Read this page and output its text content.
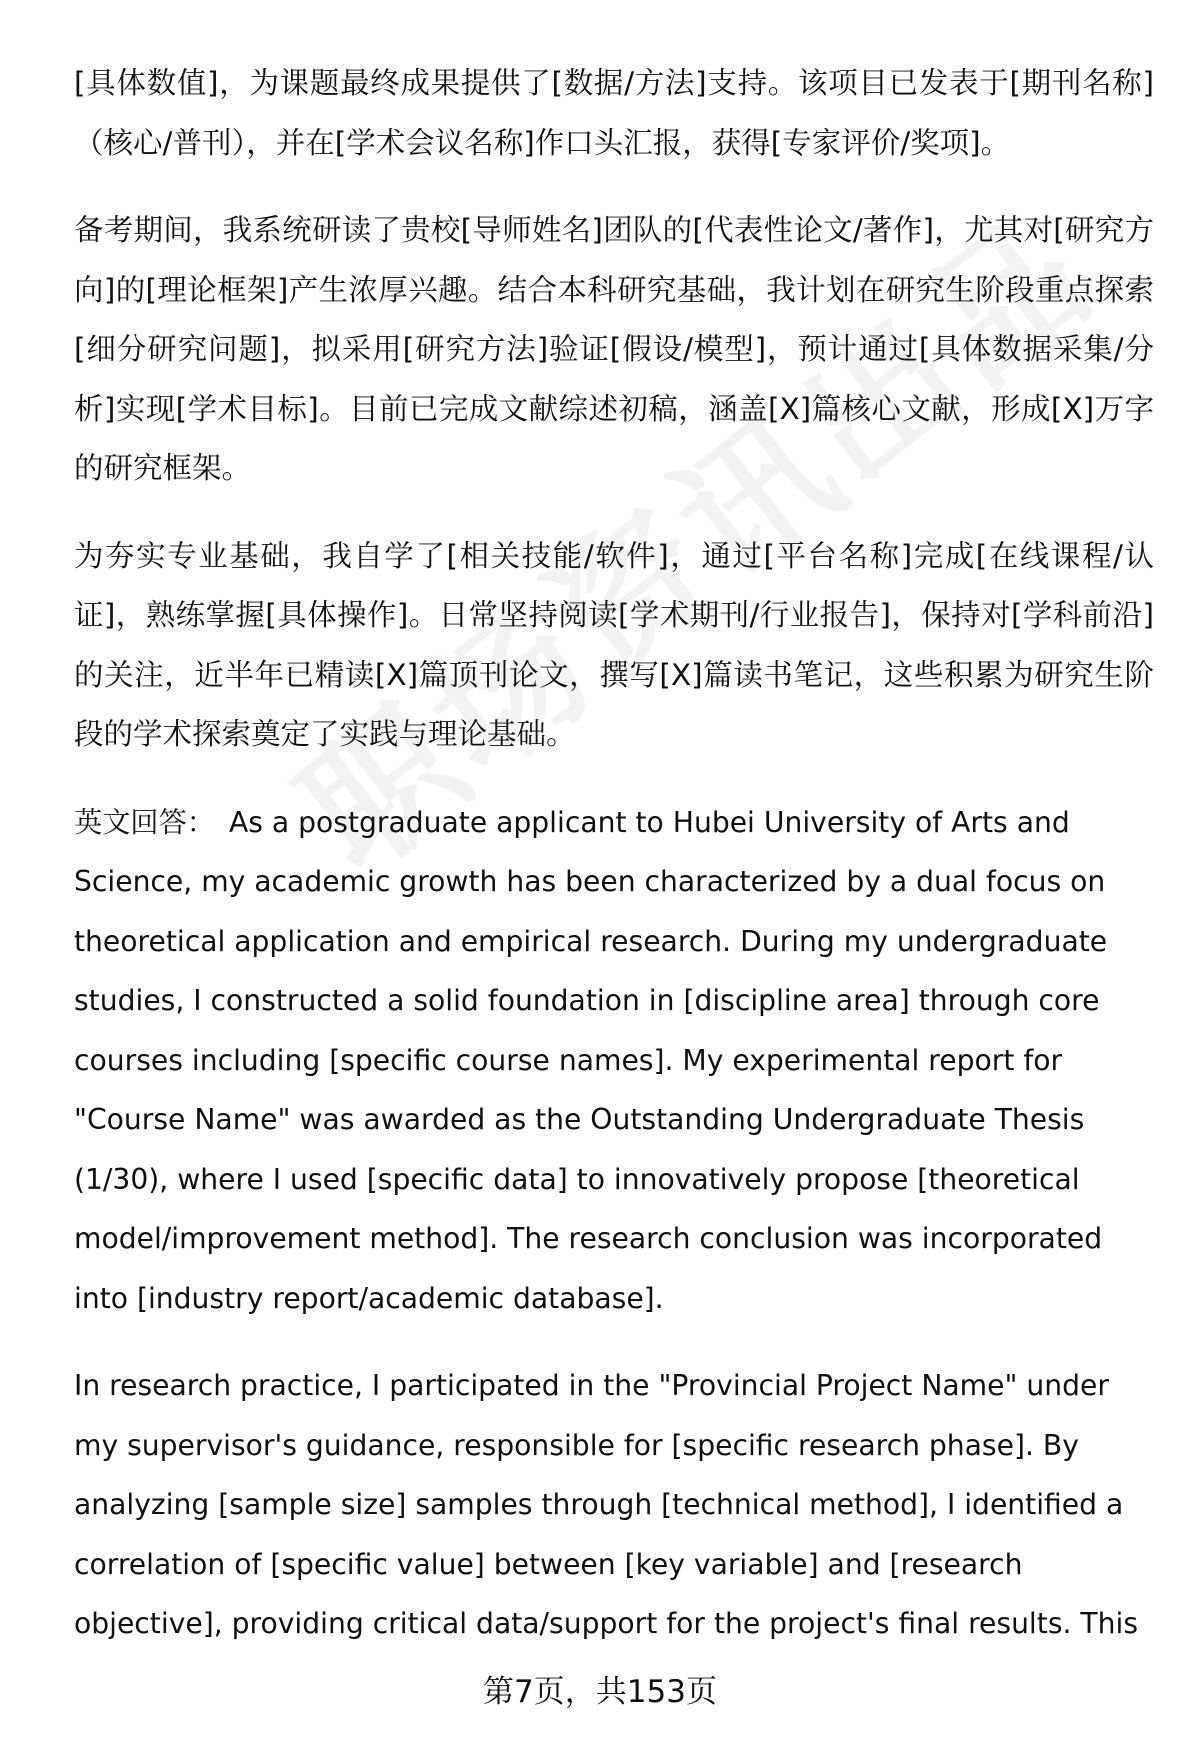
[具体数值]，为课题最终成果提供了[数据/方法]支持。该项目已发表于[期刊名称]（核心/普刊），并在[学术会议名称]作口头汇报，获得[专家评价/奖项]。

备考期间，我系统研读了贵校[导师姓名]团队的[代表性论文/著作]，尤其对[研究方向]的[理论框架]产生浓厚兴趣。结合本科研究基础，我计划在研究生阶段重点探索[细分研究问题]，拟采用[研究方法]验证[假设/模型]，预计通过[具体数据采集/分析]实现[学术目标]。目前已完成文献综述初稿，涵盖[X]篇核心文献，形成[X]万字的研究框架。

为夯实专业基础，我自学了[相关技能/软件]，通过[平台名称]完成[在线课程/认证]，熟练掌握[具体操作]。日常坚持阅读[学术期刊/行业报告]，保持对[学科前沿]的关注，近半年已精读[X]篇顶刊论文，撰写[X]篇读书笔记，这些积累为研究生阶段的学术探索奠定了实践与理论基础。

英文回答： As a postgraduate applicant to Hubei University of Arts and Science, my academic growth has been characterized by a dual focus on theoretical application and empirical research. During my undergraduate studies, I constructed a solid foundation in [discipline area] through core courses including [specific course names]. My experimental report for "Course Name" was awarded as the Outstanding Undergraduate Thesis (1/30), where I used [specific data] to innovatively propose [theoretical model/improvement method]. The research conclusion was incorporated into [industry report/academic database].

In research practice, I participated in the "Provincial Project Name" under my supervisor's guidance, responsible for [specific research phase]. By analyzing [sample size] samples through [technical method], I identified a correlation of [specific value] between [key variable] and [research objective], providing critical data/support for the project's final results. This

第7页，共153页
